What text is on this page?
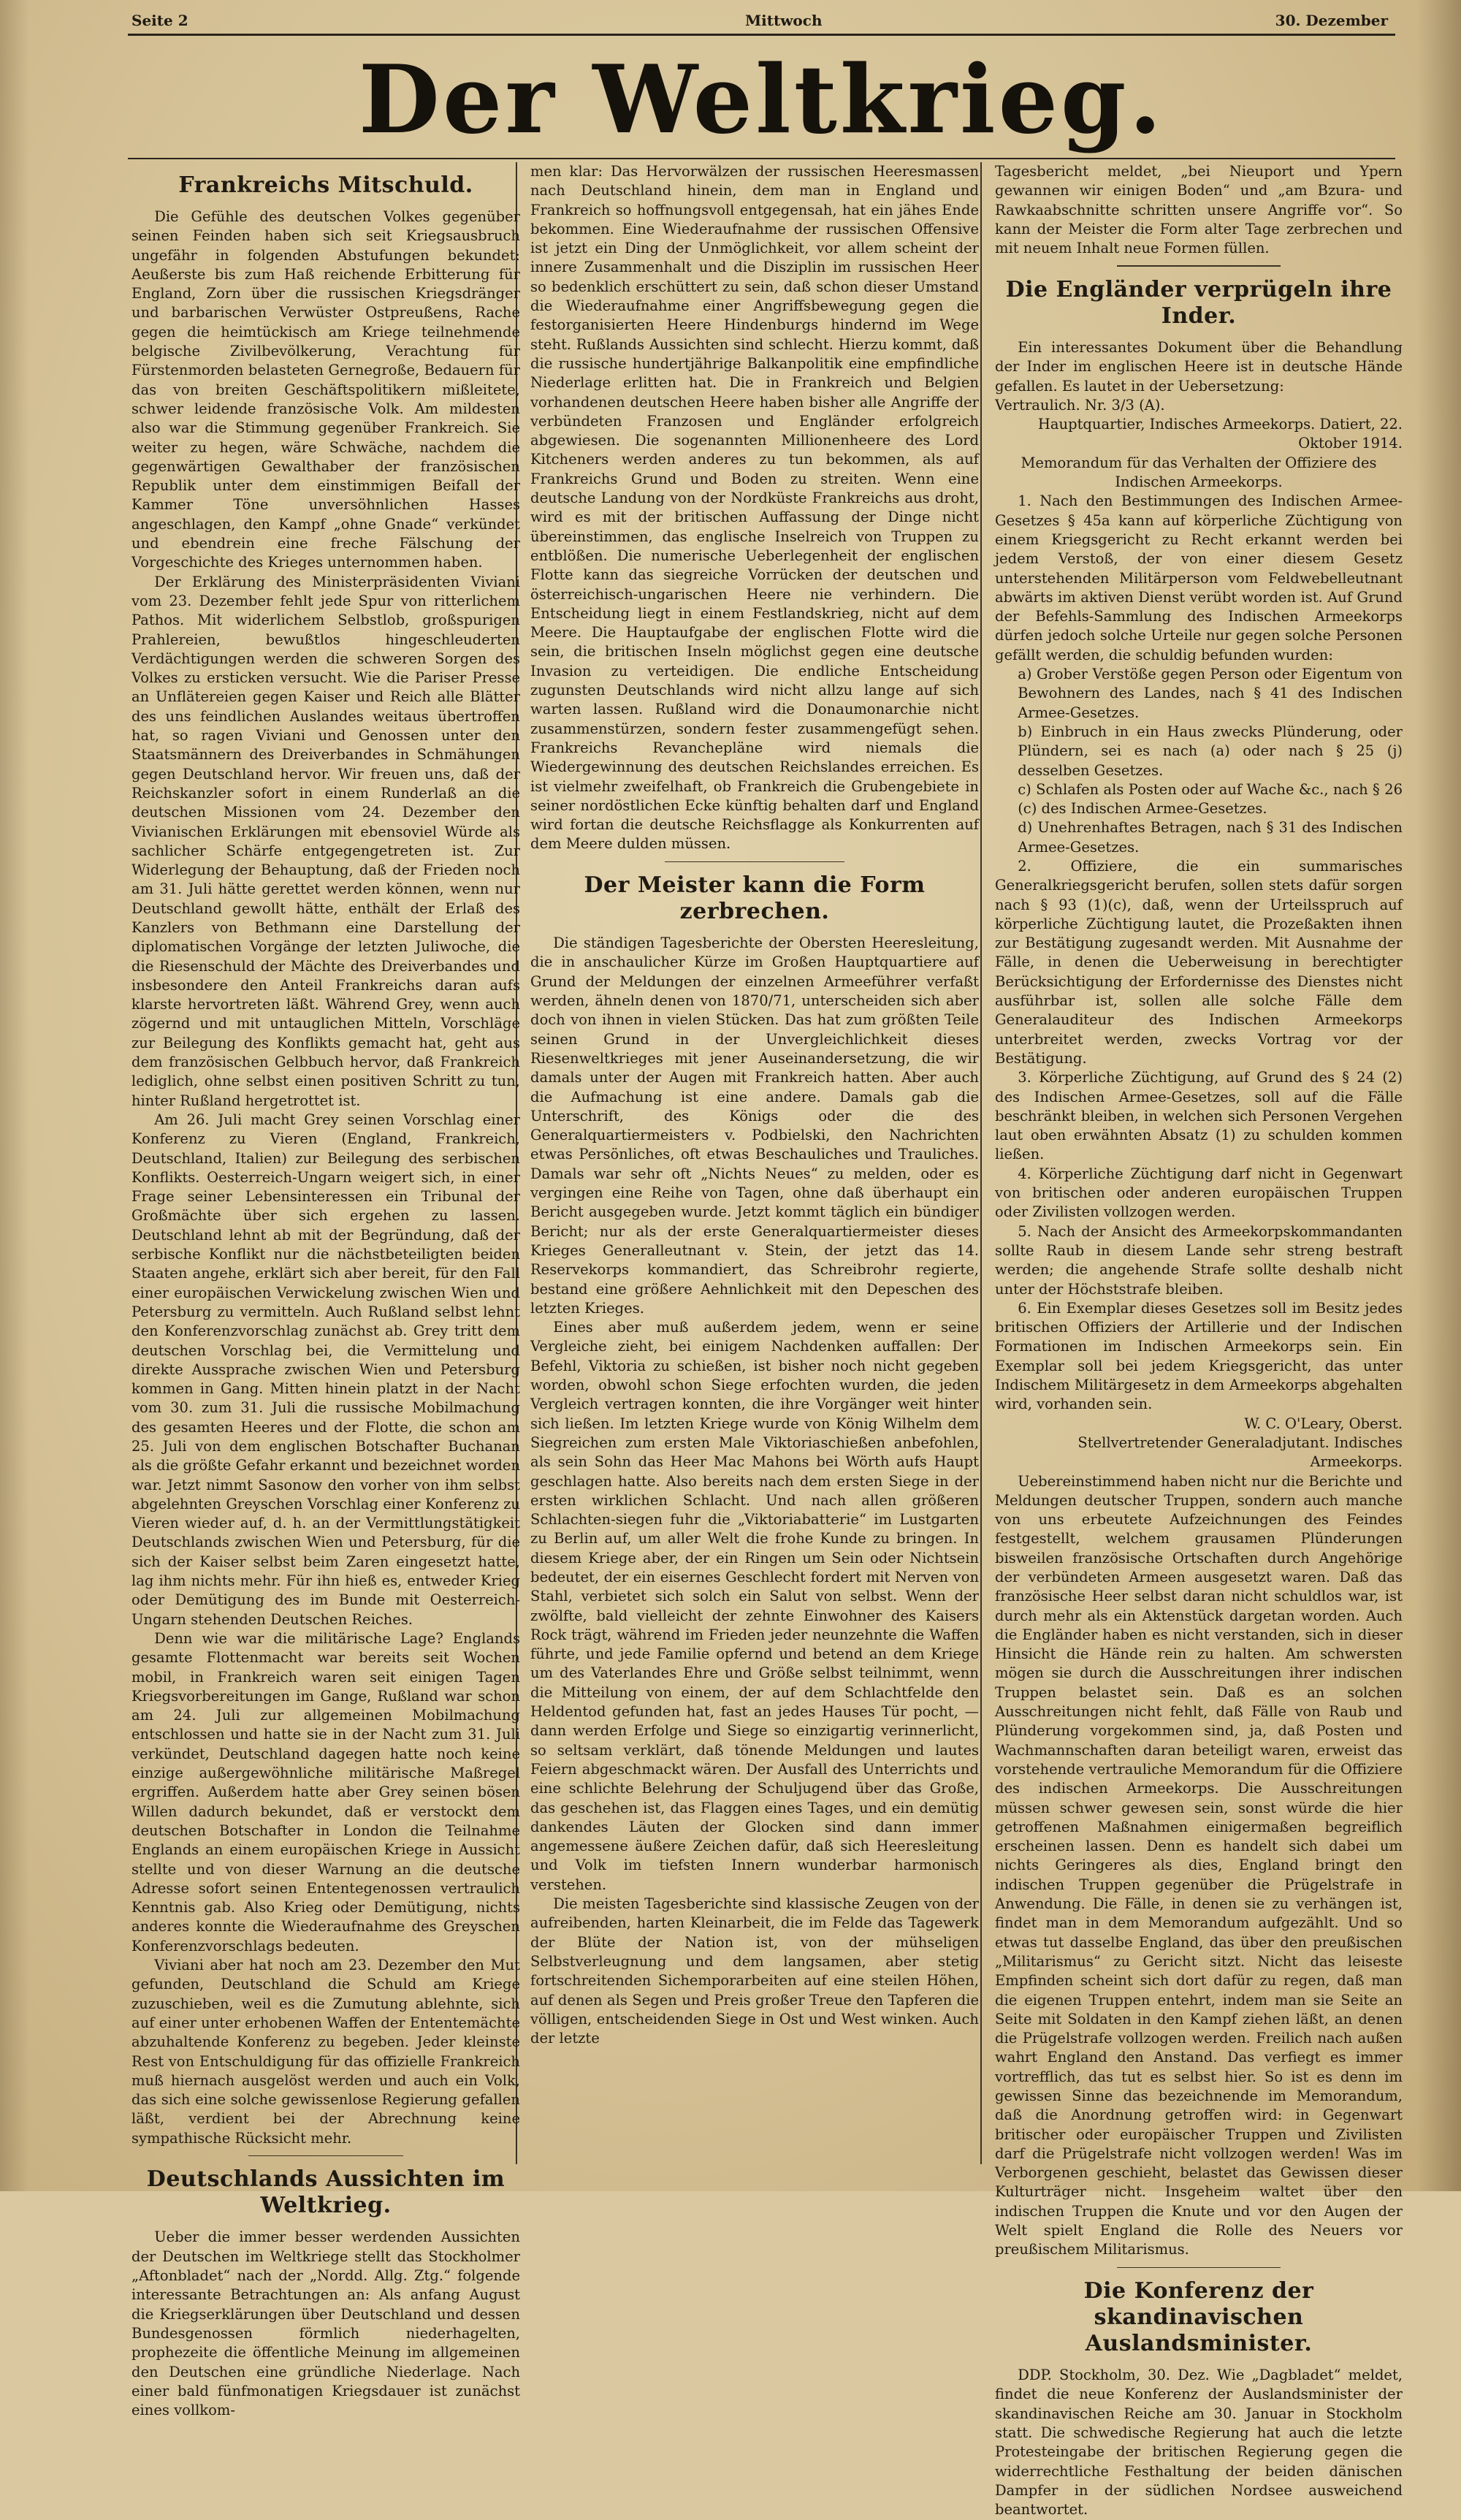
Seite 2	Mittwoch	30. Dezember
Der Weltkrieg.
Frankreichs Mitschuld.

Die Gefühle des deutschen Volkes gegenüber seinen Feinden haben sich seit Kriegsausbruch ungefähr in folgenden Abstufungen bekundet: Aeußerste bis zum Haß reichende Erbitterung für England, Zorn über die russischen Kriegsdränger und barbarischen Verwüster Ostpreußens, Rache gegen die heimtückisch am Kriege teilnehmende belgische Zivilbevölkerung, Verachtung für Fürstenmorden belasteten Gernegroße, Bedauern für das von breiten Geschäftspolitikern mißleitete, schwer leidende französische Volk. Am mildesten also war die Stimmung gegenüber Frankreich. Sie weiter zu hegen, wäre Schwäche, nachdem die gegenwärtigen Gewalthaber der französischen Republik unter dem einstimmigen Beifall der Kammer Töne unversöhnlichen Hasses angeschlagen, den Kampf „ohne Gnade“ verkündet und ebendrein eine freche Fälschung der Vorgeschichte des Krieges unternommen haben.

Der Erklärung des Ministerpräsidenten Viviani vom 23. Dezember fehlt jede Spur von ritterlichem Pathos. Mit widerlichem Selbstlob, großspurigen Prahlereien, bewußtlos hingeschleuderten Verdächtigungen werden die schweren Sorgen des Volkes zu ersticken versucht. Wie die Pariser Presse an Unflätereien gegen Kaiser und Reich alle Blätter des uns feindlichen Auslandes weitaus übertroffen hat, so ragen Viviani und Genossen unter den Staatsmännern des Dreiverbandes in Schmähungen gegen Deutschland hervor. Wir freuen uns, daß der Reichskanzler sofort in einem Runderlaß an die deutschen Missionen vom 24. Dezember den Vivianischen Erklärungen mit ebensoviel Würde als sachlicher Schärfe entgegengetreten ist. Zur Widerlegung der Behauptung, daß der Frieden noch am 31. Juli hätte gerettet werden können, wenn nur Deutschland gewollt hätte, enthält der Erlaß des Kanzlers von Bethmann eine Darstellung der diplomatischen Vorgänge der letzten Juliwoche, die die Riesenschuld der Mächte des Dreiverbandes und insbesondere den Anteil Frankreichs daran aufs klarste hervortreten läßt. Während Grey, wenn auch zögernd und mit untauglichen Mitteln, Vorschläge zur Beilegung des Konflikts gemacht hat, geht aus dem französischen Gelbbuch hervor, daß Frankreich lediglich, ohne selbst einen positiven Schritt zu tun, hinter Rußland hergetrottet ist.

Am 26. Juli macht Grey seinen Vorschlag einer Konferenz zu Vieren (England, Frankreich, Deutschland, Italien) zur Beilegung des serbischen Konflikts. Oesterreich-Ungarn weigert sich, in einer Frage seiner Lebensinteressen ein Tribunal der Großmächte über sich ergehen zu lassen. Deutschland lehnt ab mit der Begründung, daß der serbische Konflikt nur die nächstbeteiligten beiden Staaten angehe, erklärt sich aber bereit, für den Fall einer europäischen Verwickelung zwischen Wien und Petersburg zu vermitteln. Auch Rußland selbst lehnt den Konferenzvorschlag zunächst ab. Grey tritt dem deutschen Vorschlag bei, die Vermittelung und direkte Aussprache zwischen Wien und Petersburg kommen in Gang. Mitten hinein platzt in der Nacht vom 30. zum 31. Juli die russische Mobilmachung des gesamten Heeres und der Flotte, die schon am 25. Juli von dem englischen Botschafter Buchanan als die größte Gefahr erkannt und bezeichnet worden war. Jetzt nimmt Sasonow den vorher von ihm selbst abgelehnten Greyschen Vorschlag einer Konferenz zu Vieren wieder auf, d. h. an der Vermittlungstätigkeit Deutschlands zwischen Wien und Petersburg, für die sich der Kaiser selbst beim Zaren eingesetzt hatte, lag ihm nichts mehr. Für ihn hieß es, entweder Krieg oder Demütigung des im Bunde mit Oesterreich-Ungarn stehenden Deutschen Reiches.

Denn wie war die militärische Lage? Englands gesamte Flottenmacht war bereits seit Wochen mobil, in Frankreich waren seit einigen Tagen Kriegsvorbereitungen im Gange, Rußland war schon am 24. Juli zur allgemeinen Mobilmachung entschlossen und hatte sie in der Nacht zum 31. Juli verkündet, Deutschland dagegen hatte noch keine einzige außergewöhnliche militärische Maßregel ergriffen. Außerdem hatte aber Grey seinen bösen Willen dadurch bekundet, daß er verstockt dem deutschen Botschafter in London die Teilnahme Englands an einem europäischen Kriege in Aussicht stellte und von dieser Warnung an die deutsche Adresse sofort seinen Ententegenossen vertraulich Kenntnis gab. Also Krieg oder Demütigung, nichts anderes konnte die Wiederaufnahme des Greyschen Konferenzvorschlags bedeuten.

Viviani aber hat noch am 23. Dezember den Mut gefunden, Deutschland die Schuld am Kriege zuzuschieben, weil es die Zumutung ablehnte, sich auf einer unter erhobenen Waffen der Ententemächte abzuhaltende Konferenz zu begeben. Jeder kleinste Rest von Entschuldigung für das offizielle Frankreich muß hiernach ausgelöst werden und auch ein Volk, das sich eine solche gewissenlose Regierung gefallen läßt, verdient bei der Abrechnung keine sympathische Rücksicht mehr.

Deutschlands Aussichten im Weltkrieg.

Ueber die immer besser werdenden Aussichten der Deutschen im Weltkriege stellt das Stockholmer „Aftonbladet“ nach der „Nordd. Allg. Ztg.“ folgende interessante Betrachtungen an: Als anfang August die Kriegserklärungen über Deutschland und dessen Bundesgenossen förmlich niederhagelten, prophezeite die öffentliche Meinung im allgemeinen den Deutschen eine gründliche Niederlage. Nach einer bald fünfmonatigen Kriegsdauer ist zunächst eines vollkom-

men klar: Das Hervorwälzen der russischen Heeresmassen nach Deutschland hinein, dem man in England und Frankreich so hoffnungsvoll entgegensah, hat ein jähes Ende bekommen. Eine Wiederaufnahme der russischen Offensive ist jetzt ein Ding der Unmöglichkeit, vor allem scheint der innere Zusammenhalt und die Disziplin im russischen Heer so bedenklich erschüttert zu sein, daß schon dieser Umstand die Wiederaufnahme einer Angriffsbewegung gegen die festorganisierten Heere Hindenburgs hindernd im Wege steht. Rußlands Aussichten sind schlecht. Hierzu kommt, daß die russische hundertjährige Balkanpolitik eine empfindliche Niederlage erlitten hat. Die in Frankreich und Belgien vorhandenen deutschen Heere haben bisher alle Angriffe der verbündeten Franzosen und Engländer erfolgreich abgewiesen. Die sogenannten Millionenheere des Lord Kitcheners werden anderes zu tun bekommen, als auf Frankreichs Grund und Boden zu streiten. Wenn eine deutsche Landung von der Nordküste Frankreichs aus droht, wird es mit der britischen Auffassung der Dinge nicht übereinstimmen, das englische Inselreich von Truppen zu entblößen. Die numerische Ueberlegenheit der englischen Flotte kann das siegreiche Vorrücken der deutschen und österreichisch-ungarischen Heere nie verhindern. Die Entscheidung liegt in einem Festlandskrieg, nicht auf dem Meere. Die Hauptaufgabe der englischen Flotte wird die sein, die britischen Inseln möglichst gegen eine deutsche Invasion zu verteidigen. Die endliche Entscheidung zugunsten Deutschlands wird nicht allzu lange auf sich warten lassen. Rußland wird die Donaumonarchie nicht zusammenstürzen, sondern fester zusammengefügt sehen. Frankreichs Revanchepläne wird niemals die Wiedergewinnung des deutschen Reichslandes erreichen. Es ist vielmehr zweifelhaft, ob Frankreich die Grubengebiete in seiner nordöstlichen Ecke künftig behalten darf und England wird fortan die deutsche Reichsflagge als Konkurrenten auf dem Meere dulden müssen.

Der Meister kann die Form zerbrechen.

Die ständigen Tagesberichte der Obersten Heeresleitung, die in anschaulicher Kürze im Großen Hauptquartiere auf Grund der Meldungen der einzelnen Armeeführer verfaßt werden, ähneln denen von 1870/71, unterscheiden sich aber doch von ihnen in vielen Stücken. Das hat zum größten Teile seinen Grund in der Unvergleichlichkeit dieses Riesenweltkrieges mit jener Auseinandersetzung, die wir damals unter der Augen mit Frankreich hatten. Aber auch die Aufmachung ist eine andere. Damals gab die Unterschrift, des Königs oder die des Generalquartiermeisters v. Podbielski, den Nachrichten etwas Persönliches, oft etwas Beschauliches und Trauliches. Damals war sehr oft „Nichts Neues“ zu melden, oder es vergingen eine Reihe von Tagen, ohne daß überhaupt ein Bericht ausgegeben wurde. Jetzt kommt täglich ein bündiger Bericht; nur als der erste Generalquartiermeister dieses Krieges Generalleutnant v. Stein, der jetzt das 14. Reservekorps kommandiert, das Schreibrohr regierte, bestand eine größere Aehnlichkeit mit den Depeschen des letzten Krieges.

Eines aber muß außerdem jedem, wenn er seine Vergleiche zieht, bei einigem Nachdenken auffallen: Der Befehl, Viktoria zu schießen, ist bisher noch nicht gegeben worden, obwohl schon Siege erfochten wurden, die jeden Vergleich vertragen konnten, die ihre Vorgänger weit hinter sich ließen. Im letzten Kriege wurde von König Wilhelm dem Siegreichen zum ersten Male Viktoriaschießen anbefohlen, als sein Sohn das Heer Mac Mahons bei Wörth aufs Haupt geschlagen hatte. Also bereits nach dem ersten Siege in der ersten wirklichen Schlacht. Und nach allen größeren Schlachten-siegen fuhr die „Viktoriabatterie“ im Lustgarten zu Berlin auf, um aller Welt die frohe Kunde zu bringen. In diesem Kriege aber, der ein Ringen um Sein oder Nichtsein bedeutet, der ein eisernes Geschlecht fordert mit Nerven von Stahl, verbietet sich solch ein Salut von selbst. Wenn der zwölfte, bald vielleicht der zehnte Einwohner des Kaisers Rock trägt, während im Frieden jeder neunzehnte die Waffen führte, und jede Familie opfernd und betend an dem Kriege um des Vaterlandes Ehre und Größe selbst teilnimmt, wenn die Mitteilung von einem, der auf dem Schlachtfelde den Heldentod gefunden hat, fast an jedes Hauses Tür pocht, — dann werden Erfolge und Siege so einzigartig verinnerlicht, so seltsam verklärt, daß tönende Meldungen und lautes Feiern abgeschmackt wären. Der Ausfall des Unterrichts und eine schlichte Belehrung der Schuljugend über das Große, das geschehen ist, das Flaggen eines Tages, und ein demütig dankendes Läuten der Glocken sind dann immer angemessene äußere Zeichen dafür, daß sich Heeresleitung und Volk im tiefsten Innern wunderbar harmonisch verstehen.

Die meisten Tagesberichte sind klassische Zeugen von der aufreibenden, harten Kleinarbeit, die im Felde das Tagewerk der Blüte der Nation ist, von der mühseligen Selbstverleugnung und dem langsamen, aber stetig fortschreitenden Sichemporarbeiten auf eine steilen Höhen, auf denen als Segen und Preis großer Treue den Tapferen die völligen, entscheidenden Siege in Ost und West winken. Auch der letzte

Tagesbericht meldet, „bei Nieuport und Ypern gewannen wir einigen Boden“ und „am Bzura- und Rawkaabschnitte schritten unsere Angriffe vor“. So kann der Meister die Form alter Tage zerbrechen und mit neuem Inhalt neue Formen füllen.

Die Engländer verprügeln ihre Inder.

Ein interessantes Dokument über die Behandlung der Inder im englischen Heere ist in deutsche Hände gefallen. Es lautet in der Uebersetzung:

Vertraulich. Nr. 3/3 (A).

Hauptquartier, Indisches Armeekorps. Datiert, 22. Oktober 1914.

Memorandum für das Verhalten der Offiziere des Indischen Armeekorps.

1. Nach den Bestimmungen des Indischen Armee-Gesetzes § 45a kann auf körperliche Züchtigung von einem Kriegsgericht zu Recht erkannt werden bei jedem Verstoß, der von einer diesem Gesetz unterstehenden Militärperson vom Feldwebelleutnant abwärts im aktiven Dienst verübt worden ist. Auf Grund der Befehls-Sammlung des Indischen Armeekorps dürfen jedoch solche Urteile nur gegen solche Personen gefällt werden, die schuldig befunden wurden:

a) Grober Verstöße gegen Person oder Eigentum von Bewohnern des Landes, nach § 41 des Indischen Armee-Gesetzes.

b) Einbruch in ein Haus zwecks Plünderung, oder Plündern, sei es nach (a) oder nach § 25 (j) desselben Gesetzes.

c) Schlafen als Posten oder auf Wache &c., nach § 26 (c) des Indischen Armee-Gesetzes.

d) Unehrenhaftes Betragen, nach § 31 des Indischen Armee-Gesetzes.

2. Offiziere, die ein summarisches Generalkriegsgericht berufen, sollen stets dafür sorgen nach § 93 (1)(c), daß, wenn der Urteilsspruch auf körperliche Züchtigung lautet, die Prozeßakten ihnen zur Bestätigung zugesandt werden. Mit Ausnahme der Fälle, in denen die Ueberweisung in berechtigter Berücksichtigung der Erfordernisse des Dienstes nicht ausführbar ist, sollen alle solche Fälle dem Generalauditeur des Indischen Armeekorps unterbreitet werden, zwecks Vortrag vor der Bestätigung.

3. Körperliche Züchtigung, auf Grund des § 24 (2) des Indischen Armee-Gesetzes, soll auf die Fälle beschränkt bleiben, in welchen sich Personen Vergehen laut oben erwähnten Absatz (1) zu schulden kommen ließen.

4. Körperliche Züchtigung darf nicht in Gegenwart von britischen oder anderen europäischen Truppen oder Zivilisten vollzogen werden.

5. Nach der Ansicht des Armeekorpskommandanten sollte Raub in diesem Lande sehr streng bestraft werden; die angehende Strafe sollte deshalb nicht unter der Höchststrafe bleiben.

6. Ein Exemplar dieses Gesetzes soll im Besitz jedes britischen Offiziers der Artillerie und der Indischen Formationen im Indischen Armeekorps sein. Ein Exemplar soll bei jedem Kriegsgericht, das unter Indischem Militärgesetz in dem Armeekorps abgehalten wird, vorhanden sein.

W. C. O'Leary, Oberst.

Stellvertretender Generaladjutant. Indisches Armeekorps.

Uebereinstimmend haben nicht nur die Berichte und Meldungen deutscher Truppen, sondern auch manche von uns erbeutete Aufzeichnungen des Feindes festgestellt, welchem grausamen Plünderungen bisweilen französische Ortschaften durch Angehörige der verbündeten Armeen ausgesetzt waren. Daß das französische Heer selbst daran nicht schuldlos war, ist durch mehr als ein Aktenstück dargetan worden. Auch die Engländer haben es nicht verstanden, sich in dieser Hinsicht die Hände rein zu halten. Am schwersten mögen sie durch die Ausschreitungen ihrer indischen Truppen belastet sein. Daß es an solchen Ausschreitungen nicht fehlt, daß Fälle von Raub und Plünderung vorgekommen sind, ja, daß Posten und Wachmannschaften daran beteiligt waren, erweist das vorstehende vertrauliche Memorandum für die Offiziere des indischen Armeekorps. Die Ausschreitungen müssen schwer gewesen sein, sonst würde die hier getroffenen Maßnahmen einigermaßen begreiflich erscheinen lassen. Denn es handelt sich dabei um nichts Geringeres als dies, England bringt den indischen Truppen gegenüber die Prügelstrafe in Anwendung. Die Fälle, in denen sie zu verhängen ist, findet man in dem Memorandum aufgezählt. Und so etwas tut dasselbe England, das über den preußischen „Militarismus“ zu Gericht sitzt. Nicht das leiseste Empfinden scheint sich dort dafür zu regen, daß man die eigenen Truppen entehrt, indem man sie Seite an Seite mit Soldaten in den Kampf ziehen läßt, an denen die Prügelstrafe vollzogen werden. Freilich nach außen wahrt England den Anstand. Das verfiegt es immer vortrefflich, das tut es selbst hier. So ist es denn im gewissen Sinne das bezeichnende im Memorandum, daß die Anordnung getroffen wird: in Gegenwart britischer oder europäischer Truppen und Zivilisten darf die Prügelstrafe nicht vollzogen werden! Was im Verborgenen geschieht, belastet das Gewissen dieser Kulturträger nicht. Insgeheim waltet über den indischen Truppen die Knute und vor den Augen der Welt spielt England die Rolle des Neuers vor preußischem Militarismus.

Die Konferenz der skandinavischen Auslandsminister.

DDP. Stockholm, 30. Dez. Wie „Dagbladet“ meldet, findet die neue Konferenz der Auslandsminister der skandinavischen Reiche am 30. Januar in Stockholm statt. Die schwedische Regierung hat auch die letzte Protesteingabe der britischen Regierung gegen die widerrechtliche Festhaltung der beiden dänischen Dampfer in der südlichen Nordsee ausweichend beantwortet.
